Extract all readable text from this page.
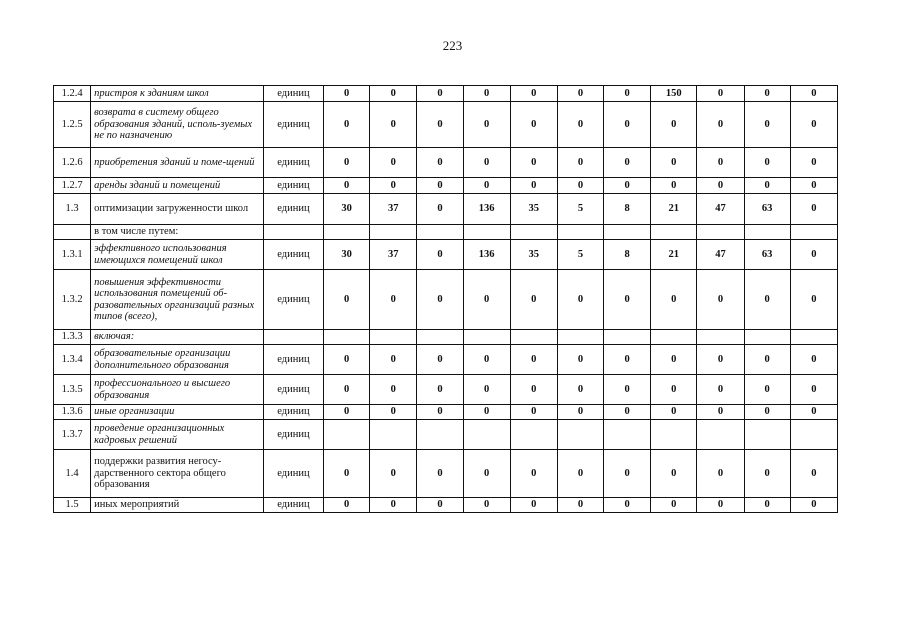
223
1.2.4	пристроя к зданиям школ	единиц	0	0	0	0	0	0	0	150	0	0	0
1.2.5	возврата в систему общего образования зданий, исполь-зуемых не по назначению	единиц	0	0	0	0	0	0	0	0	0	0	0
1.2.6	приобретения зданий и поме-щений	единиц	0	0	0	0	0	0	0	0	0	0	0
1.2.7	аренды зданий и помещений	единиц	0	0	0	0	0	0	0	0	0	0	0
1.3	оптимизации загруженности школ	единиц	30	37	0	136	35	5	8	21	47	63	0
	в том числе путем:												
1.3.1	эффективного использования имеющихся помещений школ	единиц	30	37	0	136	35	5	8	21	47	63	0
1.3.2	повышения эффективности использования помещений об-разовательных организаций разных типов (всего),	единиц	0	0	0	0	0	0	0	0	0	0	0
1.3.3	включая:												
1.3.4	образовательные организации дополнительного образования	единиц	0	0	0	0	0	0	0	0	0	0	0
1.3.5	профессионального и высшего образования	единиц	0	0	0	0	0	0	0	0	0	0	0
1.3.6	иные организации	единиц	0	0	0	0	0	0	0	0	0	0	0
1.3.7	проведение организационных кадровых решений	единиц											
1.4	поддержки развития негосу-дарственного сектора общего образования	единиц	0	0	0	0	0	0	0	0	0	0	0
1.5	иных мероприятий	единиц	0	0	0	0	0	0	0	0	0	0	0
